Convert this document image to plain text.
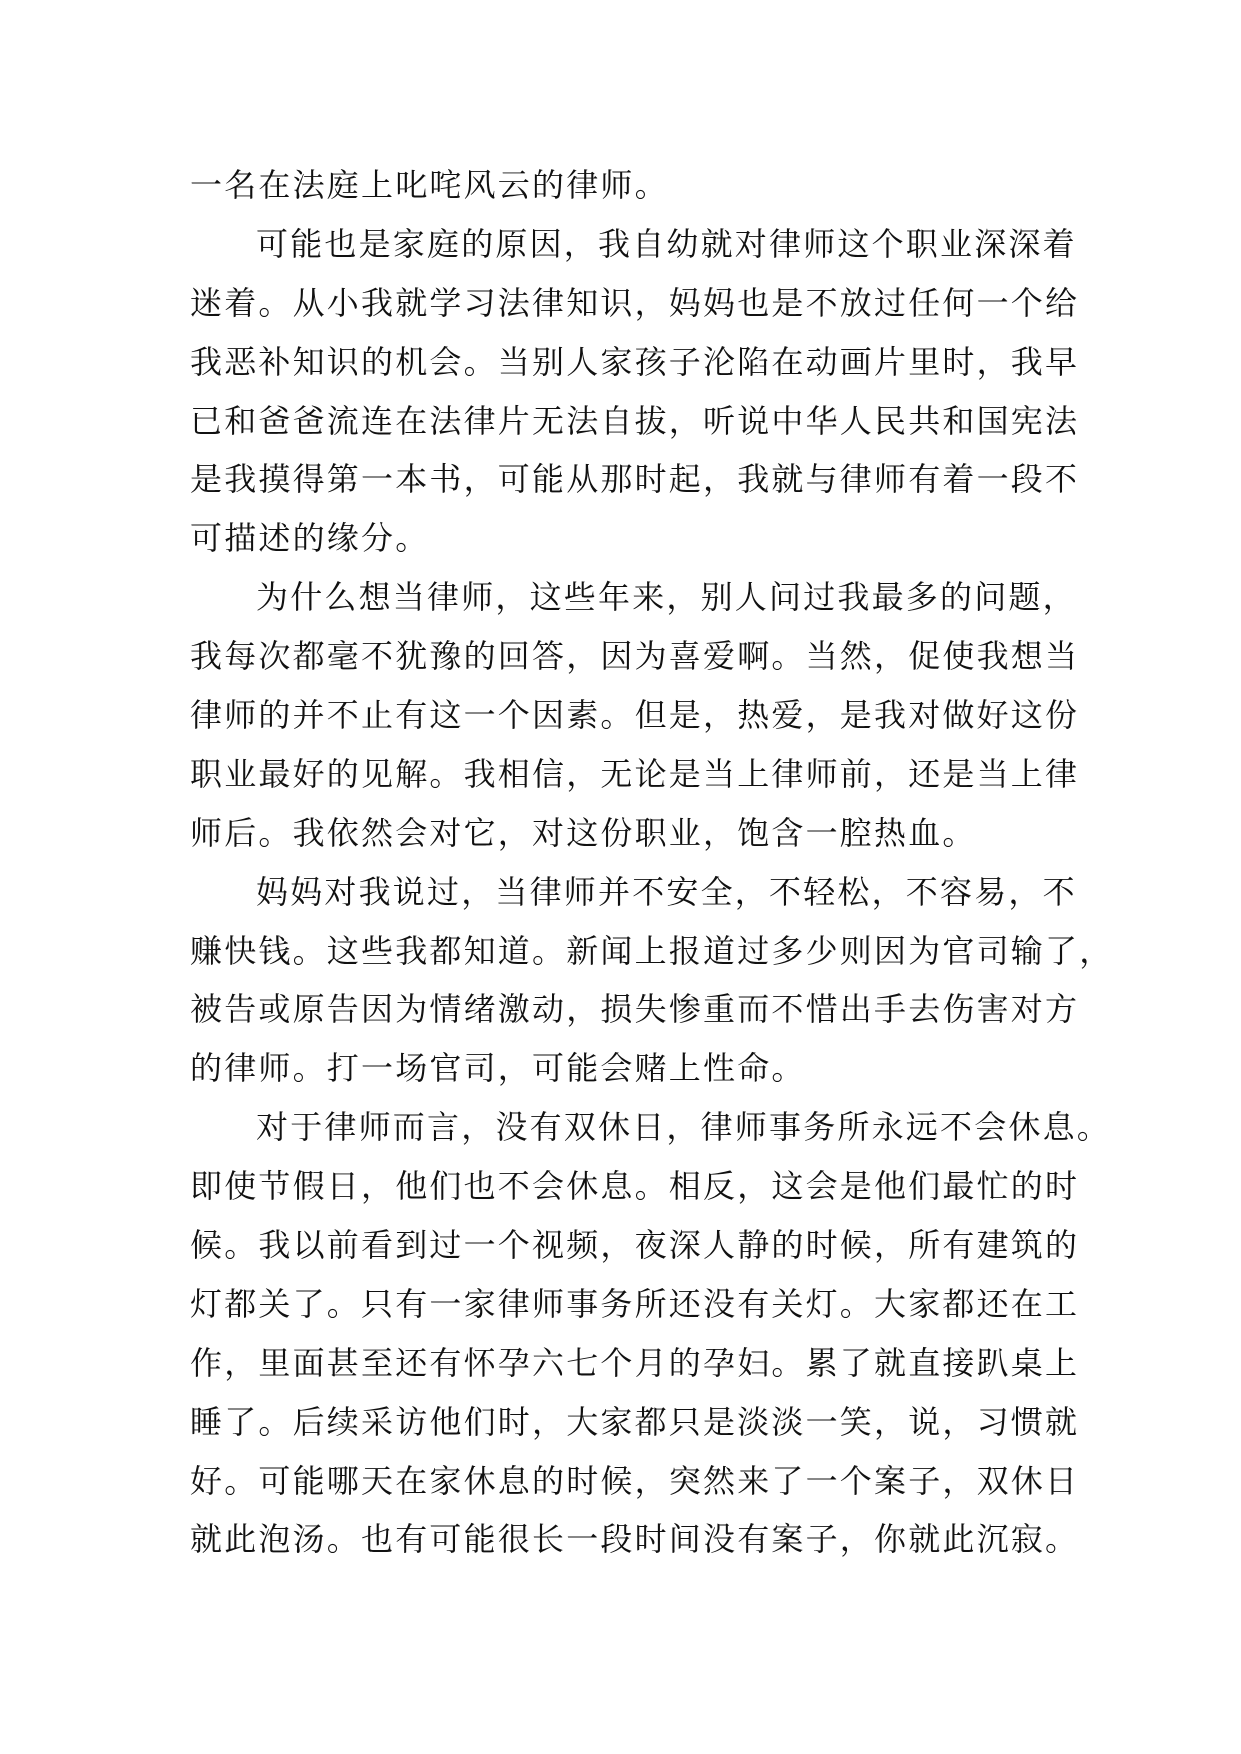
一名在法庭上叱咤风云的律师。
可能也是家庭的原因，我自幼就对律师这个职业深深着
迷着。从小我就学习法律知识，妈妈也是不放过任何一个给
我恶补知识的机会。当别人家孩子沦陷在动画片里时，我早
已和爸爸流连在法律片无法自拔，听说中华人民共和国宪法
是我摸得第一本书，可能从那时起，我就与律师有着一段不
可描述的缘分。
为什么想当律师，这些年来，别人问过我最多的问题，
我每次都毫不犹豫的回答，因为喜爱啊。当然，促使我想当
律师的并不止有这一个因素。但是，热爱，是我对做好这份
职业最好的见解。我相信，无论是当上律师前，还是当上律
师后。我依然会对它，对这份职业，饱含一腔热血。
妈妈对我说过，当律师并不安全，不轻松，不容易，不
赚快钱。这些我都知道。新闻上报道过多少则因为官司输了，
被告或原告因为情绪激动，损失惨重而不惜出手去伤害对方
的律师。打一场官司，可能会赌上性命。
对于律师而言，没有双休日，律师事务所永远不会休息。
即使节假日，他们也不会休息。相反，这会是他们最忙的时
候。我以前看到过一个视频，夜深人静的时候，所有建筑的
灯都关了。只有一家律师事务所还没有关灯。大家都还在工
作，里面甚至还有怀孕六七个月的孕妇。累了就直接趴桌上
睡了。后续采访他们时，大家都只是淡淡一笑，说，习惯就
好。可能哪天在家休息的时候，突然来了一个案子，双休日
就此泡汤。也有可能很长一段时间没有案子，你就此沉寂。
